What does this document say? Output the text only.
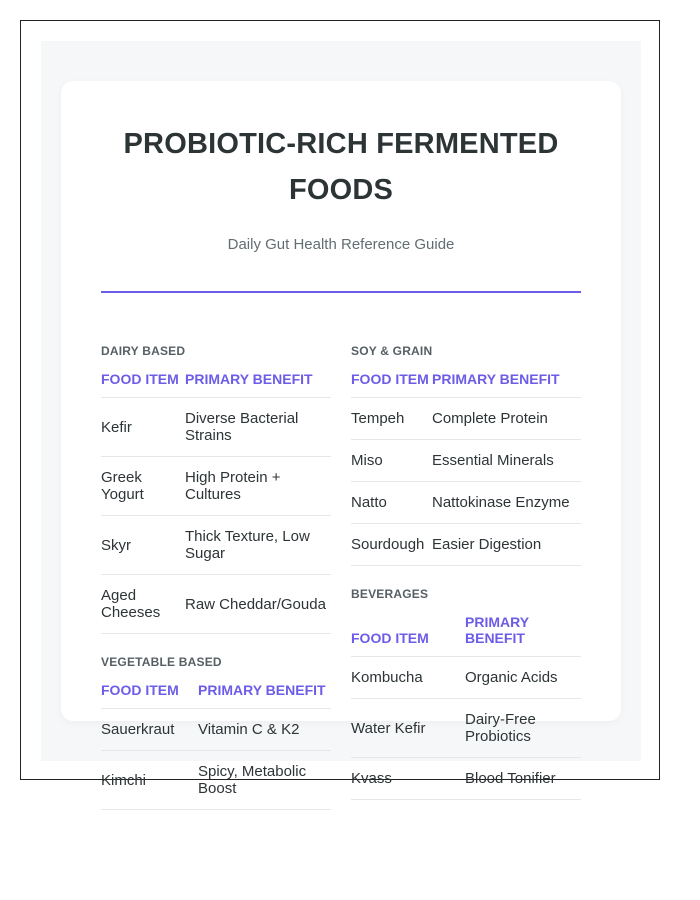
PROBIOTIC-RICH FERMENTED FOODS
Daily Gut Health Reference Guide
DAIRY BASED
FOOD ITEM	PRIMARY BENEFIT
Kefir	Diverse Bacterial Strains
Greek Yogurt	High Protein + Cultures
Skyr	Thick Texture, Low Sugar
Aged Cheeses	Raw Cheddar/Gouda
VEGETABLE BASED
FOOD ITEM	PRIMARY BENEFIT
Sauerkraut	Vitamin C & K2
Kimchi	Spicy, Metabolic Boost
SOY & GRAIN
FOOD ITEM	PRIMARY BENEFIT
Tempeh	Complete Protein
Miso	Essential Minerals
Natto	Nattokinase Enzyme
Sourdough	Easier Digestion
BEVERAGES
FOOD ITEM	PRIMARY BENEFIT
Kombucha	Organic Acids
Water Kefir	Dairy-Free Probiotics
Kvass	Blood Tonifier
